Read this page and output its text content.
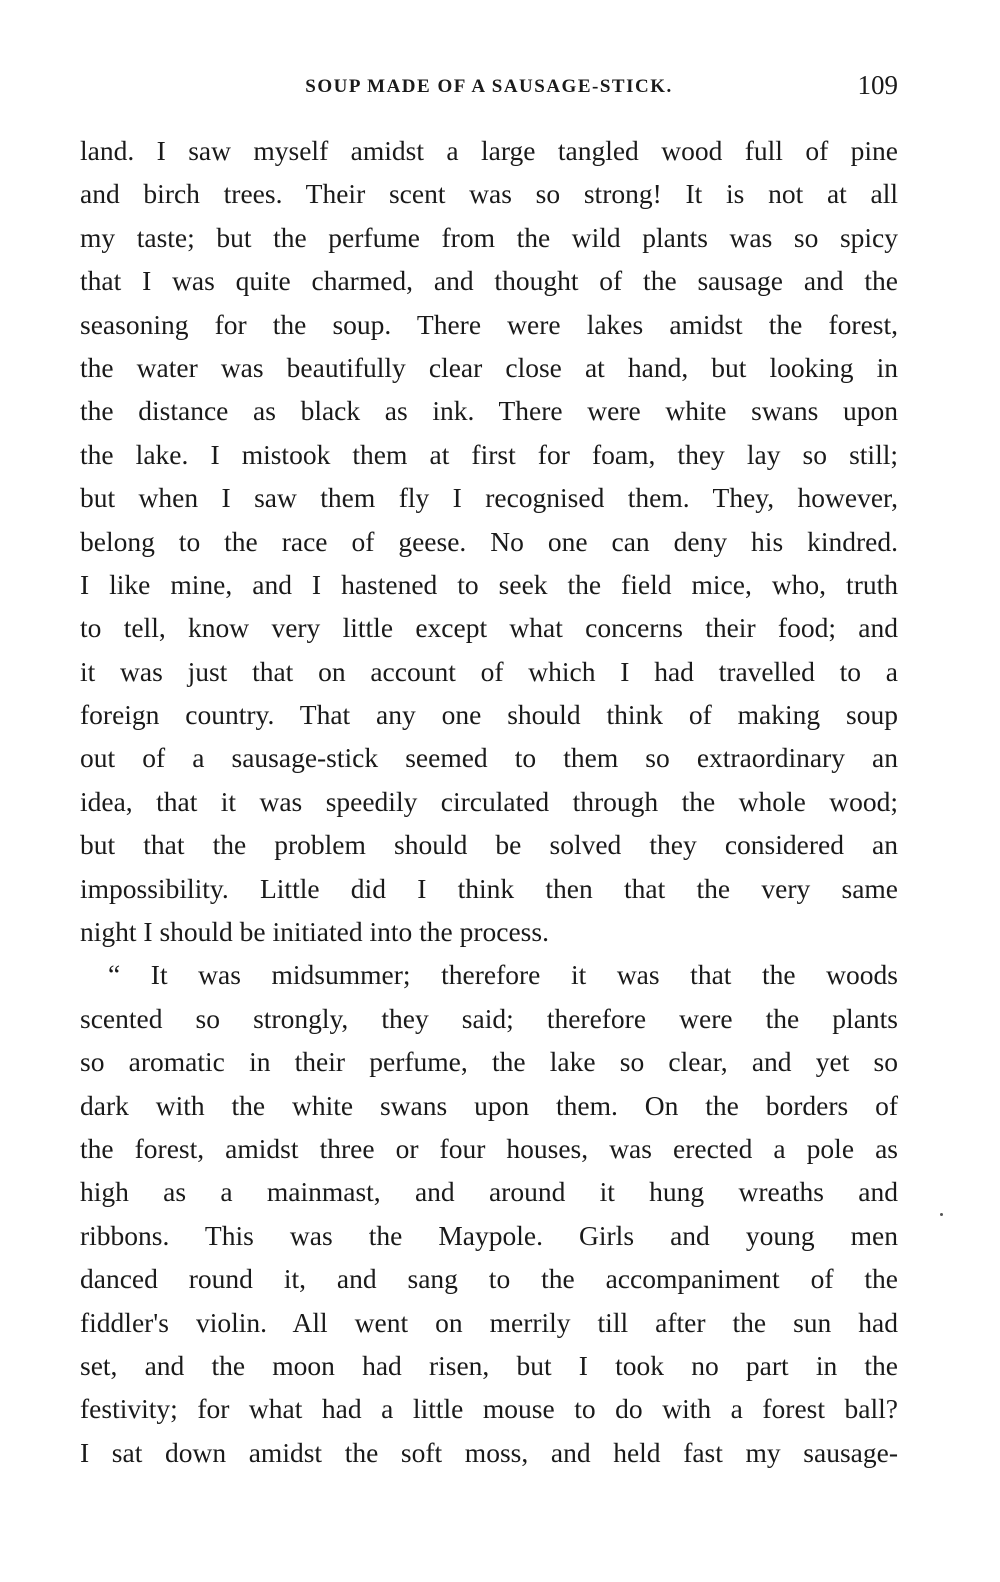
SOUP MADE OF A SAUSAGE-STICK.	109
land. I saw myself amidst a large tangled wood full of pine
and birch trees. Their scent was so strong! It is not at all
my taste; but the perfume from the wild plants was so spicy
that I was quite charmed, and thought of the sausage and the
seasoning for the soup. There were lakes amidst the forest,
the water was beautifully clear close at hand, but looking in
the distance as black as ink. There were white swans upon
the lake. I mistook them at first for foam, they lay so still;
but when I saw them fly I recognised them. They, however,
belong to the race of geese. No one can deny his kindred.
I like mine, and I hastened to seek the field mice, who, truth
to tell, know very little except what concerns their food; and
it was just that on account of which I had travelled to a
foreign country. That any one should think of making soup
out of a sausage-stick seemed to them so extraordinary an
idea, that it was speedily circulated through the whole wood;
but that the problem should be solved they considered an
impossibility. Little did I think then that the very same
night I should be initiated into the process.
“ It was midsummer; therefore it was that the woods
scented so strongly, they said; therefore were the plants
so aromatic in their perfume, the lake so clear, and yet so
dark with the white swans upon them. On the borders of
the forest, amidst three or four houses, was erected a pole as
high as a mainmast, and around it hung wreaths and
ribbons. This was the Maypole. Girls and young men
danced round it, and sang to the accompaniment of the
fiddler's violin. All went on merrily till after the sun had
set, and the moon had risen, but I took no part in the
festivity; for what had a little mouse to do with a forest ball?
I sat down amidst the soft moss, and held fast my sausage-
